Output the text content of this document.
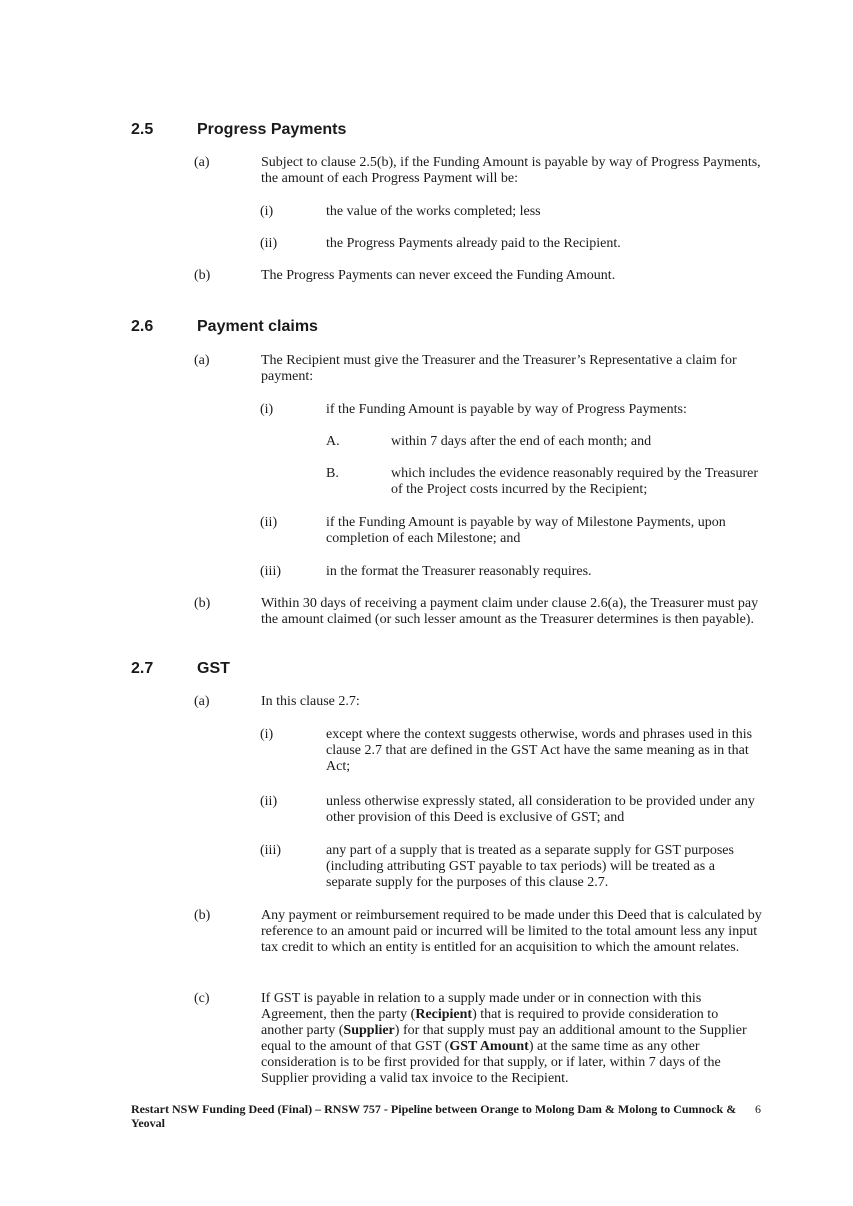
2.5	Progress Payments
(a)	Subject to clause 2.5(b), if the Funding Amount is payable by way of Progress Payments, the amount of each Progress Payment will be:
(i)	the value of the works completed; less
(ii)	the Progress Payments already paid to the Recipient.
(b)	The Progress Payments can never exceed the Funding Amount.
2.6	Payment claims
(a)	The Recipient must give the Treasurer and the Treasurer’s Representative a claim for payment:
(i)	if the Funding Amount is payable by way of Progress Payments:
A.	within 7 days after the end of each month; and
B.	which includes the evidence reasonably required by the Treasurer of the Project costs incurred by the Recipient;
(ii)	if the Funding Amount is payable by way of Milestone Payments, upon completion of each Milestone; and
(iii)	in the format the Treasurer reasonably requires.
(b)	Within 30 days of receiving a payment claim under clause 2.6(a), the Treasurer must pay the amount claimed (or such lesser amount as the Treasurer determines is then payable).
2.7	GST
(a)	In this clause 2.7:
(i)	except where the context suggests otherwise, words and phrases used in this clause 2.7 that are defined in the GST Act have the same meaning as in that Act;
(ii)	unless otherwise expressly stated, all consideration to be provided under any other provision of this Deed is exclusive of GST; and
(iii)	any part of a supply that is treated as a separate supply for GST purposes (including attributing GST payable to tax periods) will be treated as a separate supply for the purposes of this clause 2.7.
(b)	Any payment or reimbursement required to be made under this Deed that is calculated by reference to an amount paid or incurred will be limited to the total amount less any input tax credit to which an entity is entitled for an acquisition to which the amount relates.
(c)	If GST is payable in relation to a supply made under or in connection with this Agreement, then the party (Recipient) that is required to provide consideration to another party (Supplier) for that supply must pay an additional amount to the Supplier equal to the amount of that GST (GST Amount) at the same time as any other consideration is to be first provided for that supply, or if later, within 7 days of the Supplier providing a valid tax invoice to the Recipient.
Restart NSW Funding Deed (Final) – RNSW 757 - Pipeline between Orange to Molong Dam & Molong to Cumnock & Yeoval
6
